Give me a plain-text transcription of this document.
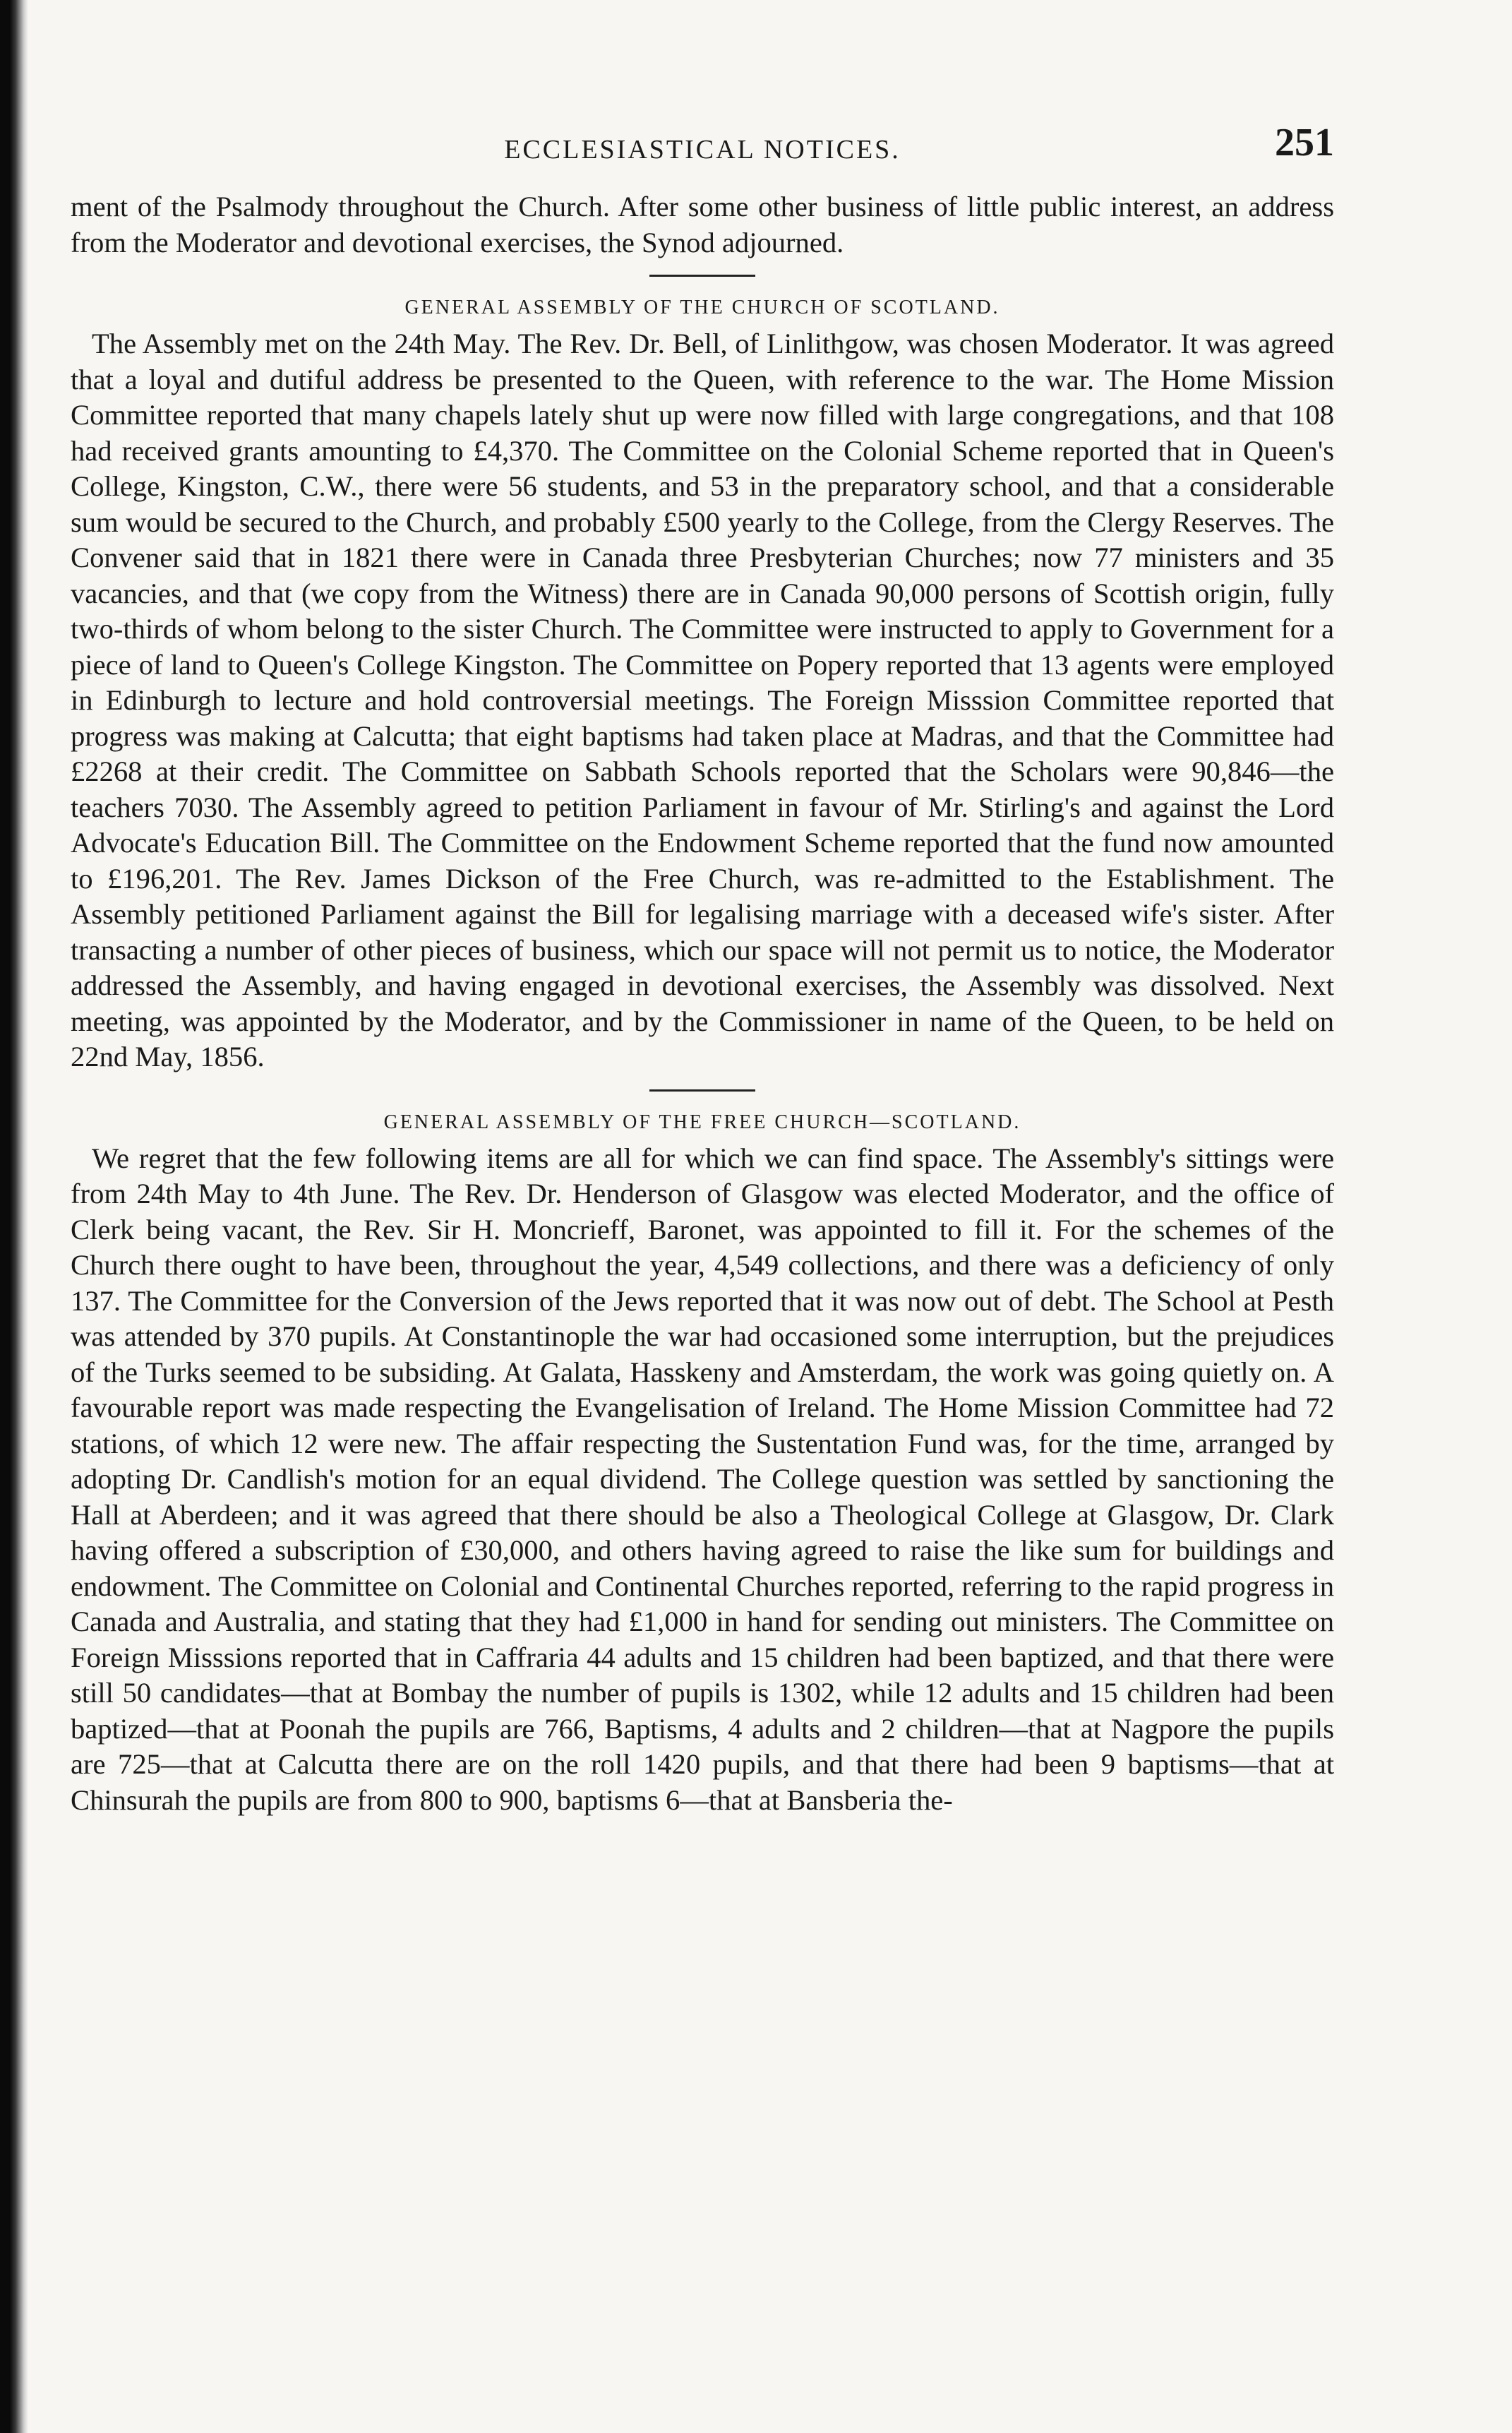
ECCLESIASTICAL NOTICES.	251

ment of the Psalmody throughout the Church. After some other business of little public interest, an address from the Moderator and devotional exercises, the Synod adjourned.

GENERAL ASSEMBLY OF THE CHURCH OF SCOTLAND.

The Assembly met on the 24th May. The Rev. Dr. Bell, of Linlithgow, was chosen Moderator. It was agreed that a loyal and dutiful address be presented to the Queen, with reference to the war. The Home Mission Committee reported that many chapels lately shut up were now filled with large congregations, and that 108 had received grants amounting to £4,370. The Committee on the Colonial Scheme reported that in Queen's College, Kingston, C.W., there were 56 students, and 53 in the preparatory school, and that a considerable sum would be secured to the Church, and probably £500 yearly to the College, from the Clergy Reserves. The Convener said that in 1821 there were in Canada three Presbyterian Churches; now 77 ministers and 35 vacancies, and that (we copy from the Witness) there are in Canada 90,000 persons of Scottish origin, fully two-thirds of whom belong to the sister Church. The Committee were instructed to apply to Government for a piece of land to Queen's College Kingston. The Committee on Popery reported that 13 agents were employed in Edinburgh to lecture and hold controversial meetings. The Foreign Misssion Committee reported that progress was making at Calcutta; that eight baptisms had taken place at Madras, and that the Committee had £2268 at their credit. The Committee on Sabbath Schools reported that the Scholars were 90,846—the teachers 7030. The Assembly agreed to petition Parliament in favour of Mr. Stirling's and against the Lord Advocate's Education Bill. The Committee on the Endowment Scheme reported that the fund now amounted to £196,201. The Rev. James Dickson of the Free Church, was re-admitted to the Establishment. The Assembly petitioned Parliament against the Bill for legalising marriage with a deceased wife's sister. After transacting a number of other pieces of business, which our space will not permit us to notice, the Moderator addressed the Assembly, and having engaged in devotional exercises, the Assembly was dissolved. Next meeting, was appointed by the Moderator, and by the Commissioner in name of the Queen, to be held on 22nd May, 1856.

GENERAL ASSEMBLY OF THE FREE CHURCH—SCOTLAND.

We regret that the few following items are all for which we can find space. The Assembly's sittings were from 24th May to 4th June. The Rev. Dr. Henderson of Glasgow was elected Moderator, and the office of Clerk being vacant, the Rev. Sir H. Moncrieff, Baronet, was appointed to fill it. For the schemes of the Church there ought to have been, throughout the year, 4,549 collections, and there was a deficiency of only 137. The Committee for the Conversion of the Jews reported that it was now out of debt. The School at Pesth was attended by 370 pupils. At Constantinople the war had occasioned some interruption, but the prejudices of the Turks seemed to be subsiding. At Galata, Hasskeny and Amsterdam, the work was going quietly on. A favourable report was made respecting the Evangelisation of Ireland. The Home Mission Committee had 72 stations, of which 12 were new. The affair respecting the Sustentation Fund was, for the time, arranged by adopting Dr. Candlish's motion for an equal dividend. The College question was settled by sanctioning the Hall at Aberdeen; and it was agreed that there should be also a Theological College at Glasgow, Dr. Clark having offered a subscription of £30,000, and others having agreed to raise the like sum for buildings and endowment. The Committee on Colonial and Continental Churches reported, referring to the rapid progress in Canada and Australia, and stating that they had £1,000 in hand for sending out ministers. The Committee on Foreign Misssions reported that in Caffraria 44 adults and 15 children had been baptized, and that there were still 50 candidates—that at Bombay the number of pupils is 1302, while 12 adults and 15 children had been baptized—that at Poonah the pupils are 766, Baptisms, 4 adults and 2 children—that at Nagpore the pupils are 725—that at Calcutta there are on the roll 1420 pupils, and that there had been 9 baptisms—that at Chinsurah the pupils are from 800 to 900, baptisms 6—that at Bansberia the-
